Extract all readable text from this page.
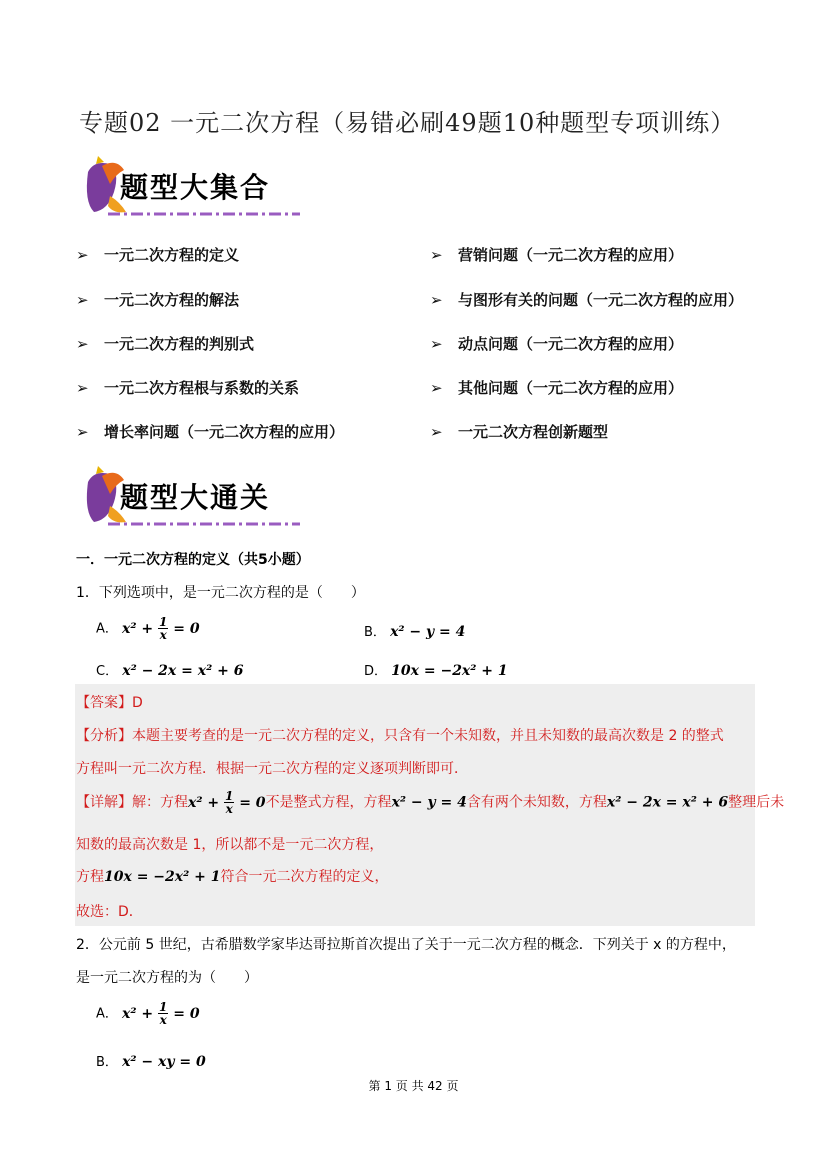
专题02 一元二次方程（易错必刷49题10种题型专项训练）
题型大集合
➢ 一元二次方程的定义
➢ 一元二次方程的解法
➢ 一元二次方程的判别式
➢ 一元二次方程根与系数的关系
➢ 增长率问题（一元二次方程的应用）
➢ 营销问题（一元二次方程的应用）
➢ 与图形有关的问题（一元二次方程的应用）
➢ 动点问题（一元二次方程的应用）
➢ 其他问题（一元二次方程的应用）
➢ 一元二次方程创新题型
题型大通关
一．一元二次方程的定义（共5小题）
1．下列选项中，是一元二次方程的是（　　）
A． $x^2 + \frac{1}{x} = 0$	B． x² − y = 4
C． x² − 2x = x² + 6	D． 10x = −2x² + 1
【答案】D
【分析】本题主要考查的是一元二次方程的定义，只含有一个未知数，并且未知数的最高次数是 2 的整式
方程叫一元二次方程．根据一元二次方程的定义逐项判断即可．
【详解】解：方程$x^2 + \frac{1}{x} = 0$不是整式方程，方程x² − y = 4含有两个未知数，方程x² − 2x = x² + 6整理后未
知数的最高次数是 1，所以都不是一元二次方程，
方程10x = −2x² + 1符合一元二次方程的定义，
故选：D．
2．公元前 5 世纪，古希腊数学家毕达哥拉斯首次提出了关于一元二次方程的概念．下列关于 x 的方程中，
是一元二次方程的为（　　）
A． $x^2 + \frac{1}{x} = 0$
B． x² − xy = 0
第 1 页 共 42 页
